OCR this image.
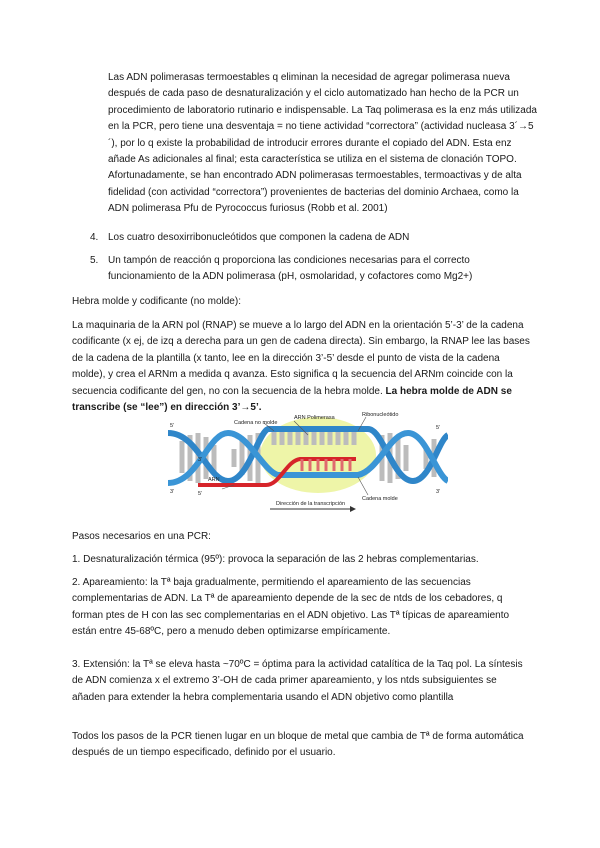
Las ADN polimerasas termoestables q eliminan la necesidad de agregar polimerasa nueva después de cada paso de desnaturalización y el ciclo automatizado han hecho de la PCR un procedimiento de laboratorio rutinario e indispensable. La Taq polimerasa es la enz más utilizada en la PCR, pero tiene una desventaja = no tiene actividad “correctora” (actividad nucleasa 3´→5´), por lo q existe la probabilidad de introducir errores durante el copiado del ADN. Esta enz añade As adicionales al final; esta característica se utiliza en el sistema de clonación TOPO. Afortunadamente, se han encontrado ADN polimerasas termoestables, termoactivas y de alta fidelidad (con actividad “correctora”) provenientes de bacterias del dominio Archaea, como la ADN polimerasa Pfu de Pyrococcus furiosus (Robb et al. 2001)

4. Los cuatro desoxirribonucleótidos que componen la cadena de ADN

5. Un tampón de reacción q proporciona las condiciones necesarias para el correcto funcionamiento de la ADN polimerasa (pH, osmolaridad, y cofactores como Mg2+)

Hebra molde y codificante (no molde):

La maquinaria de la ARN pol (RNAP) se mueve a lo largo del ADN en la orientación 5’-3’ de la cadena codificante (x ej, de izq a derecha para un gen de cadena directa). Sin embargo, la RNAP lee las bases de la cadena de la plantilla (x tanto, lee en la dirección 3’-5’ desde el punto de vista de la cadena molde), y crea el ARNm a medida q avanza. Esto significa q la secuencia del ARNm coincide con la secuencia codificante del gen, no con la secuencia de la hebra molde. La hebra molde de ADN se transcribe (se “lee”) en dirección 3’→5’.

ARN Polimerasa
Cadena no molde
Ribonucleótido
ARN
Cadena molde
Dirección de la transcripción
5’
3’
5’
3’
5’
3’

Pasos necesarios en una PCR:

1. Desnaturalización térmica (95º): provoca la separación de las 2 hebras complementarias.

2. Apareamiento: la Tª baja gradualmente, permitiendo el apareamiento de las secuencias complementarias de ADN. La Tª de apareamiento depende de la sec de ntds de los cebadores, q forman ptes de H con las sec complementarias en el ADN objetivo. Las Tª típicas de apareamiento están entre 45-68ºC, pero a menudo deben optimizarse empíricamente.

3. Extensión: la Tª se eleva hasta ~70ºC = óptima para la actividad catalítica de la Taq pol. La síntesis de ADN comienza x el extremo 3’-OH de cada primer apareamiento, y los ntds subsiguientes se añaden para extender la hebra complementaria usando el ADN objetivo como plantilla

Todos los pasos de la PCR tienen lugar en un bloque de metal que cambia de Tª de forma automática después de un tiempo especificado, definido por el usuario.
